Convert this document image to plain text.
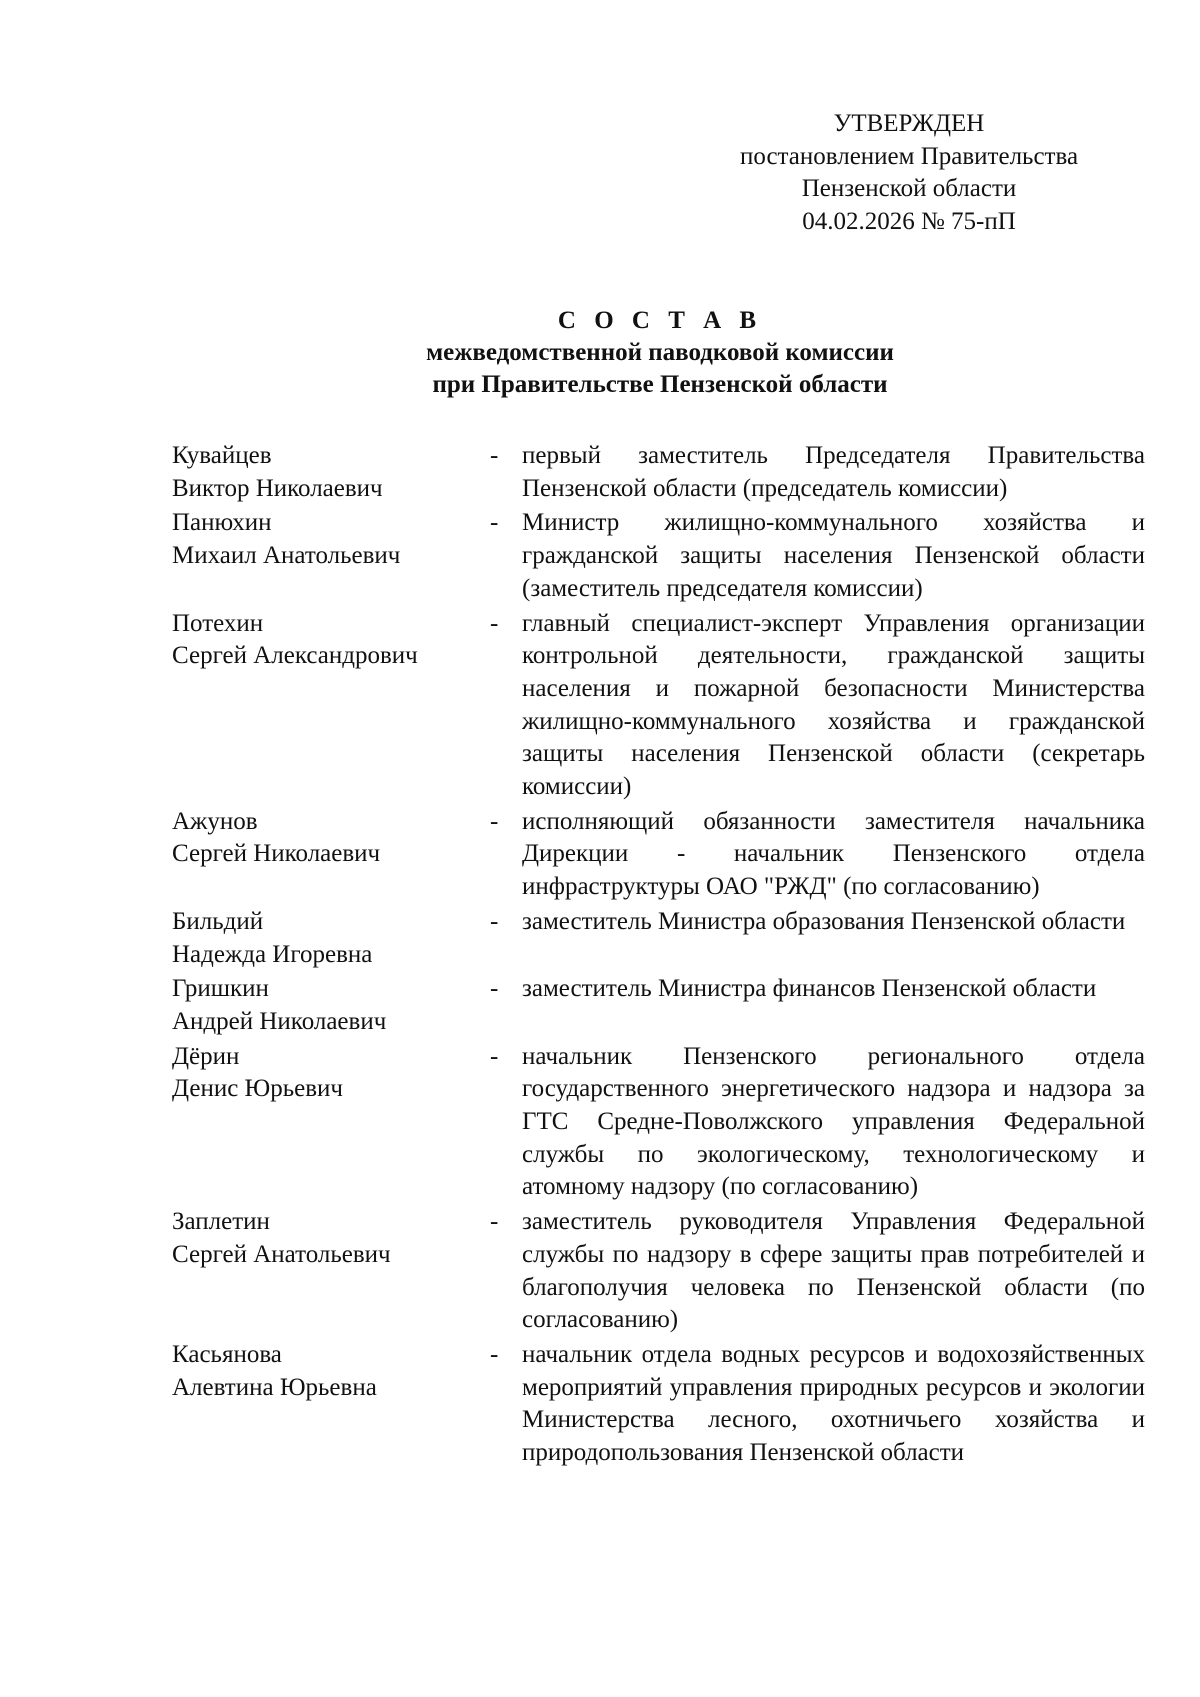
УТВЕРЖДЕН
постановлением Правительства
Пензенской области
04.02.2026 № 75-пП
С О С Т А В
межведомственной паводковой комиссии
при Правительстве Пензенской области
Кувайцев
Виктор Николаевич
- первый заместитель Председателя Правительства Пензенской области (председатель комиссии)
Панюхин
Михаил Анатольевич
- Министр жилищно-коммунального хозяйства и гражданской защиты населения Пензенской области (заместитель председателя комиссии)
Потехин
Сергей Александрович
- главный специалист-эксперт Управления организации контрольной деятельности, гражданской защиты населения и пожарной безопасности Министерства жилищно-коммунального хозяйства и гражданской защиты населения Пензенской области (секретарь комиссии)
Ажунов
Сергей Николаевич
- исполняющий обязанности заместителя начальника Дирекции - начальник Пензенского отдела инфраструктуры ОАО "РЖД" (по согласованию)
Бильдий
Надежда Игоревна
- заместитель Министра образования Пензенской области
Гришкин
Андрей Николаевич
- заместитель Министра финансов Пензенской области
Дёрин
Денис Юрьевич
- начальник Пензенского регионального отдела государственного энергетического надзора и надзора за ГТС Средне-Поволжского управления Федеральной службы по экологическому, технологическому и атомному надзору (по согласованию)
Заплетин
Сергей Анатольевич
- заместитель руководителя Управления Федеральной службы по надзору в сфере защиты прав потребителей и благополучия человека по Пензенской области (по согласованию)
Касьянова
Алевтина Юрьевна
- начальник отдела водных ресурсов и водохозяйственных мероприятий управления природных ресурсов и экологии Министерства лесного, охотничьего хозяйства и природопользования Пензенской области
